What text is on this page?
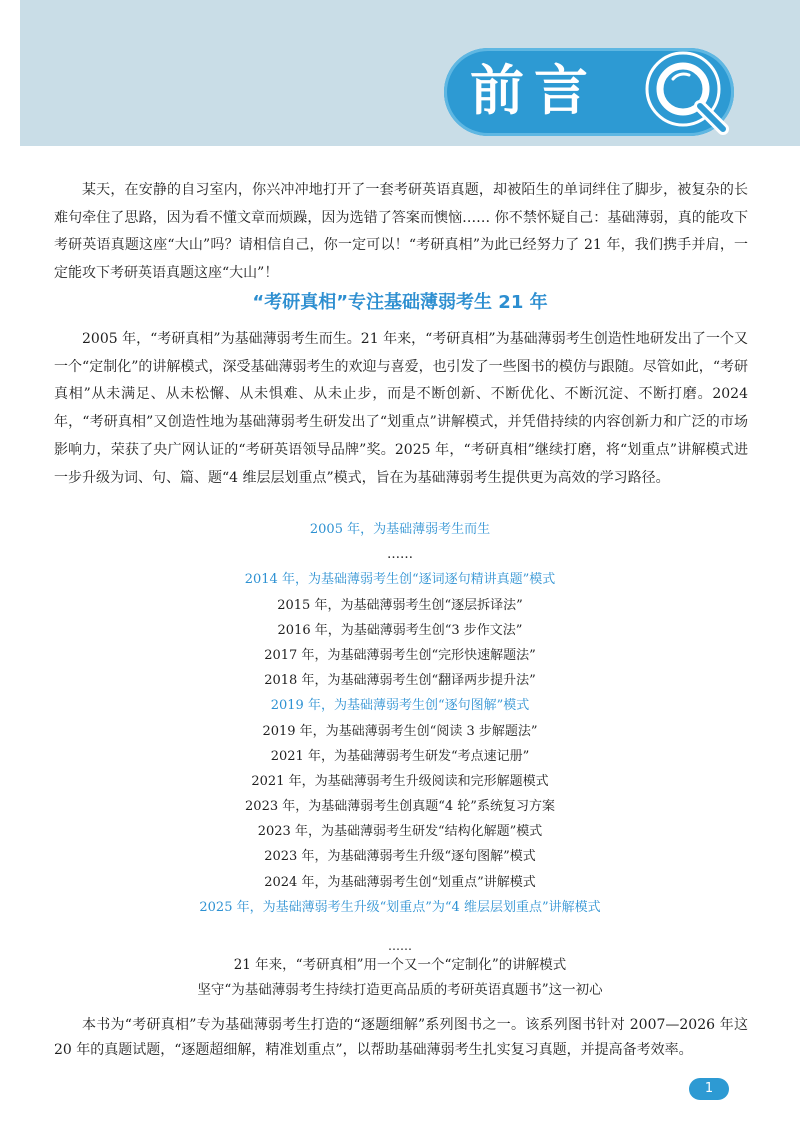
前言

某天，在安静的自习室内，你兴冲冲地打开了一套考研英语真题，却被陌生的单词绊住了脚步，被复杂的长难句牵住了思路，因为看不懂文章而烦躁，因为选错了答案而懊恼…… 你不禁怀疑自己：基础薄弱，真的能攻下考研英语真题这座“大山”吗？请相信自己，你一定可以！“考研真相”为此已经努力了 21 年，我们携手并肩，一定能攻下考研英语真题这座“大山”！

“考研真相”专注基础薄弱考生 21 年

2005 年，“考研真相”为基础薄弱考生而生。21 年来，“考研真相”为基础薄弱考生创造性地研发出了一个又一个“定制化”的讲解模式，深受基础薄弱考生的欢迎与喜爱，也引发了一些图书的模仿与跟随。尽管如此，“考研真相”从未满足、从未松懈、从未惧难、从未止步，而是不断创新、不断优化、不断沉淀、不断打磨。2024 年，“考研真相”又创造性地为基础薄弱考生研发出了“划重点”讲解模式，并凭借持续的内容创新力和广泛的市场影响力，荣获了央广网认证的“考研英语领导品牌”奖。2025 年，“考研真相”继续打磨，将“划重点”讲解模式进一步升级为词、句、篇、题“4 维层层划重点”模式，旨在为基础薄弱考生提供更为高效的学习路径。

2005 年，为基础薄弱考生而生
……
2014 年，为基础薄弱考生创“逐词逐句精讲真题”模式
2015 年，为基础薄弱考生创“逐层拆译法”
2016 年，为基础薄弱考生创“3 步作文法”
2017 年，为基础薄弱考生创“完形快速解题法”
2018 年，为基础薄弱考生创“翻译两步提升法”
2019 年，为基础薄弱考生创“逐句图解”模式
2019 年，为基础薄弱考生创“阅读 3 步解题法”
2021 年，为基础薄弱考生研发“考点速记册”
2021 年，为基础薄弱考生升级阅读和完形解题模式
2023 年，为基础薄弱考生创真题“4 轮”系统复习方案
2023 年，为基础薄弱考生研发“结构化解题”模式
2023 年，为基础薄弱考生升级“逐句图解”模式
2024 年，为基础薄弱考生创“划重点”讲解模式
2025 年，为基础薄弱考生升级“划重点”为“4 维层层划重点”讲解模式

……

21 年来，“考研真相”用一个又一个“定制化”的讲解模式

坚守“为基础薄弱考生持续打造更高品质的考研英语真题书”这一初心

本书为“考研真相”专为基础薄弱考生打造的“逐题细解”系列图书之一。该系列图书针对 2007—2026 年这 20 年的真题试题，“逐题超细解，精准划重点”，以帮助基础薄弱考生扎实复习真题，并提高备考效率。

1
